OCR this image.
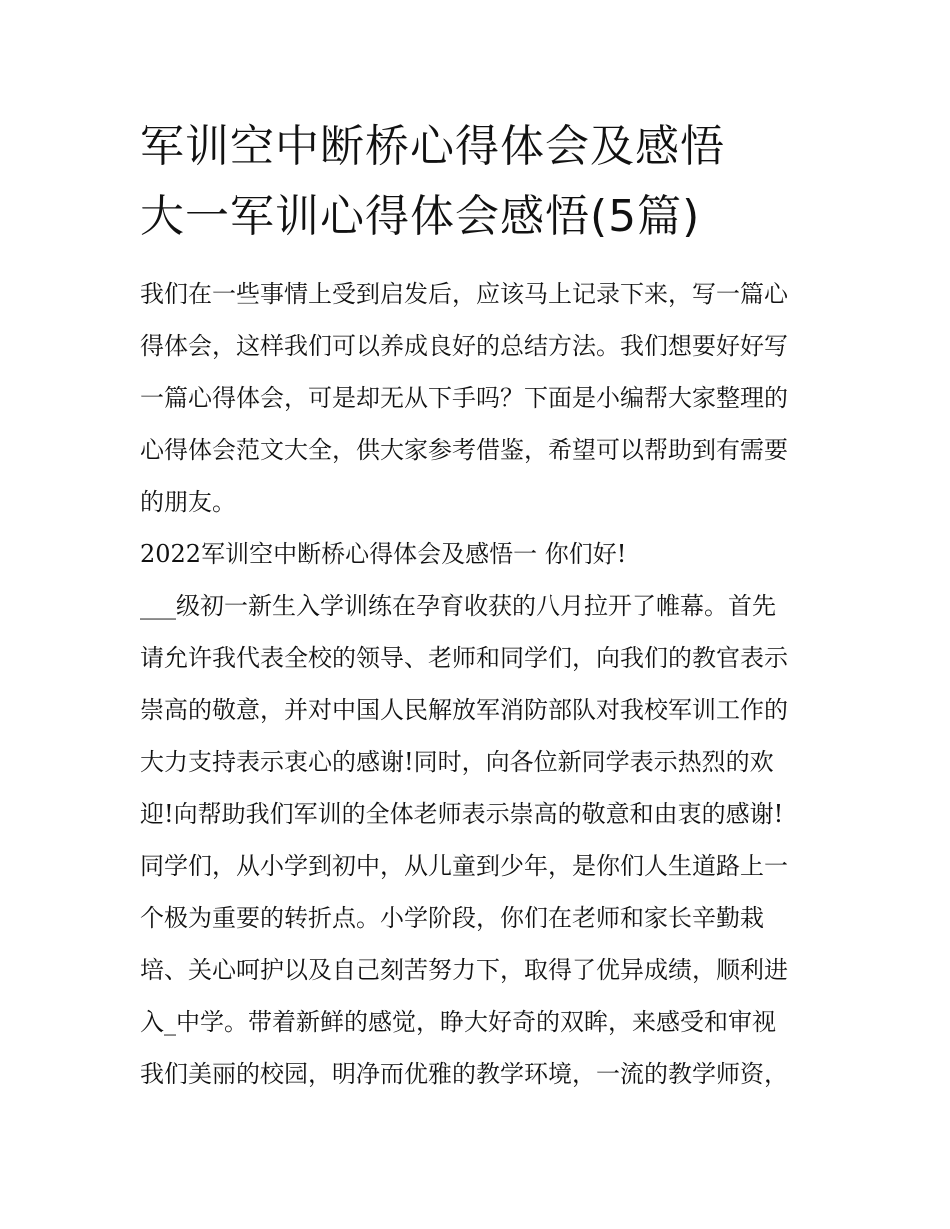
军训空中断桥心得体会及感悟
大一军训心得体会感悟(5篇)

我们在一些事情上受到启发后，应该马上记录下来，写一篇心

得体会，这样我们可以养成良好的总结方法。我们想要好好写

一篇心得体会，可是却无从下手吗？下面是小编帮大家整理的

心得体会范文大全，供大家参考借鉴，希望可以帮助到有需要

的朋友。

2022军训空中断桥心得体会及感悟一 你们好!

___级初一新生入学训练在孕育收获的八月拉开了帷幕。首先

请允许我代表全校的领导、老师和同学们，向我们的教官表示

崇高的敬意，并对中国人民解放军消防部队对我校军训工作的

大力支持表示衷心的感谢!同时，向各位新同学表示热烈的欢

迎!向帮助我们军训的全体老师表示崇高的敬意和由衷的感谢!

同学们，从小学到初中，从儿童到少年，是你们人生道路上一

个极为重要的转折点。小学阶段，你们在老师和家长辛勤栽

培、关心呵护以及自己刻苦努力下，取得了优异成绩，顺利进

入_中学。带着新鲜的感觉，睁大好奇的双眸，来感受和审视

我们美丽的校园，明净而优雅的教学环境，一流的教学师资，
